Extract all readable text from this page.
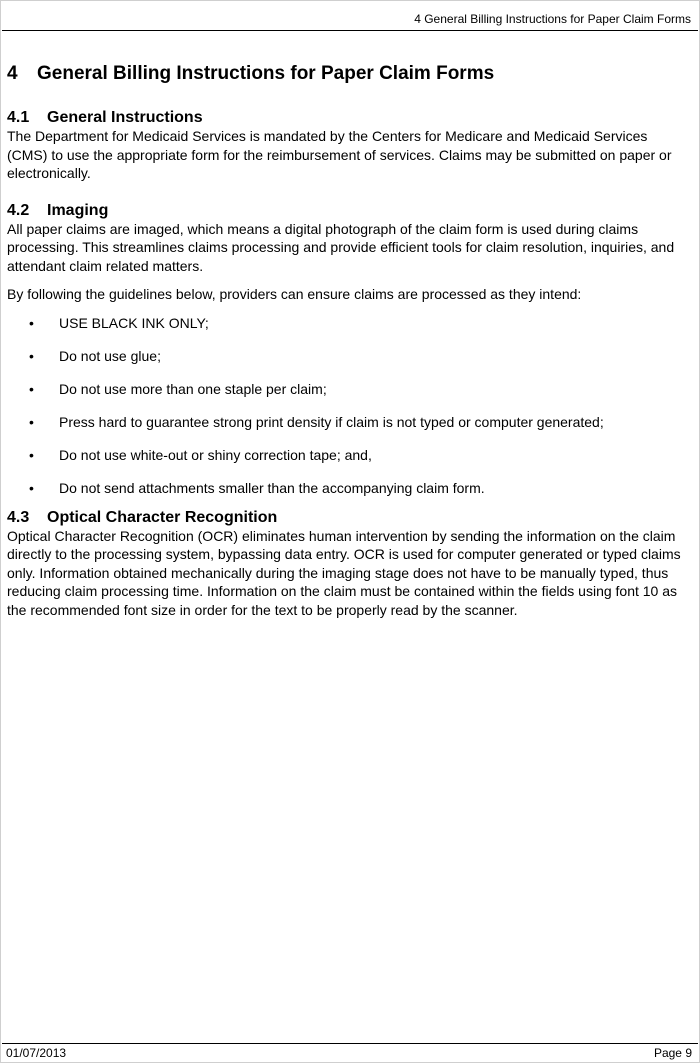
4 General Billing Instructions for Paper Claim Forms
4 General Billing Instructions for Paper Claim Forms
4.1 General Instructions

The Department for Medicaid Services is mandated by the Centers for Medicare and Medicaid Services (CMS) to use the appropriate form for the reimbursement of services. Claims may be submitted on paper or electronically.

4.2 Imaging

All paper claims are imaged, which means a digital photograph of the claim form is used during claims processing. This streamlines claims processing and provide efficient tools for claim resolution, inquiries, and attendant claim related matters.

By following the guidelines below, providers can ensure claims are processed as they intend:

• USE BLACK INK ONLY;
• Do not use glue;
• Do not use more than one staple per claim;
• Press hard to guarantee strong print density if claim is not typed or computer generated;
• Do not use white-out or shiny correction tape; and,
• Do not send attachments smaller than the accompanying claim form.
4.3 Optical Character Recognition

Optical Character Recognition (OCR) eliminates human intervention by sending the information on the claim directly to the processing system, bypassing data entry. OCR is used for computer generated or typed claims only. Information obtained mechanically during the imaging stage does not have to be manually typed, thus reducing claim processing time. Information on the claim must be contained within the fields using font 10 as the recommended font size in order for the text to be properly read by the scanner.

01/07/2013	Page 9
